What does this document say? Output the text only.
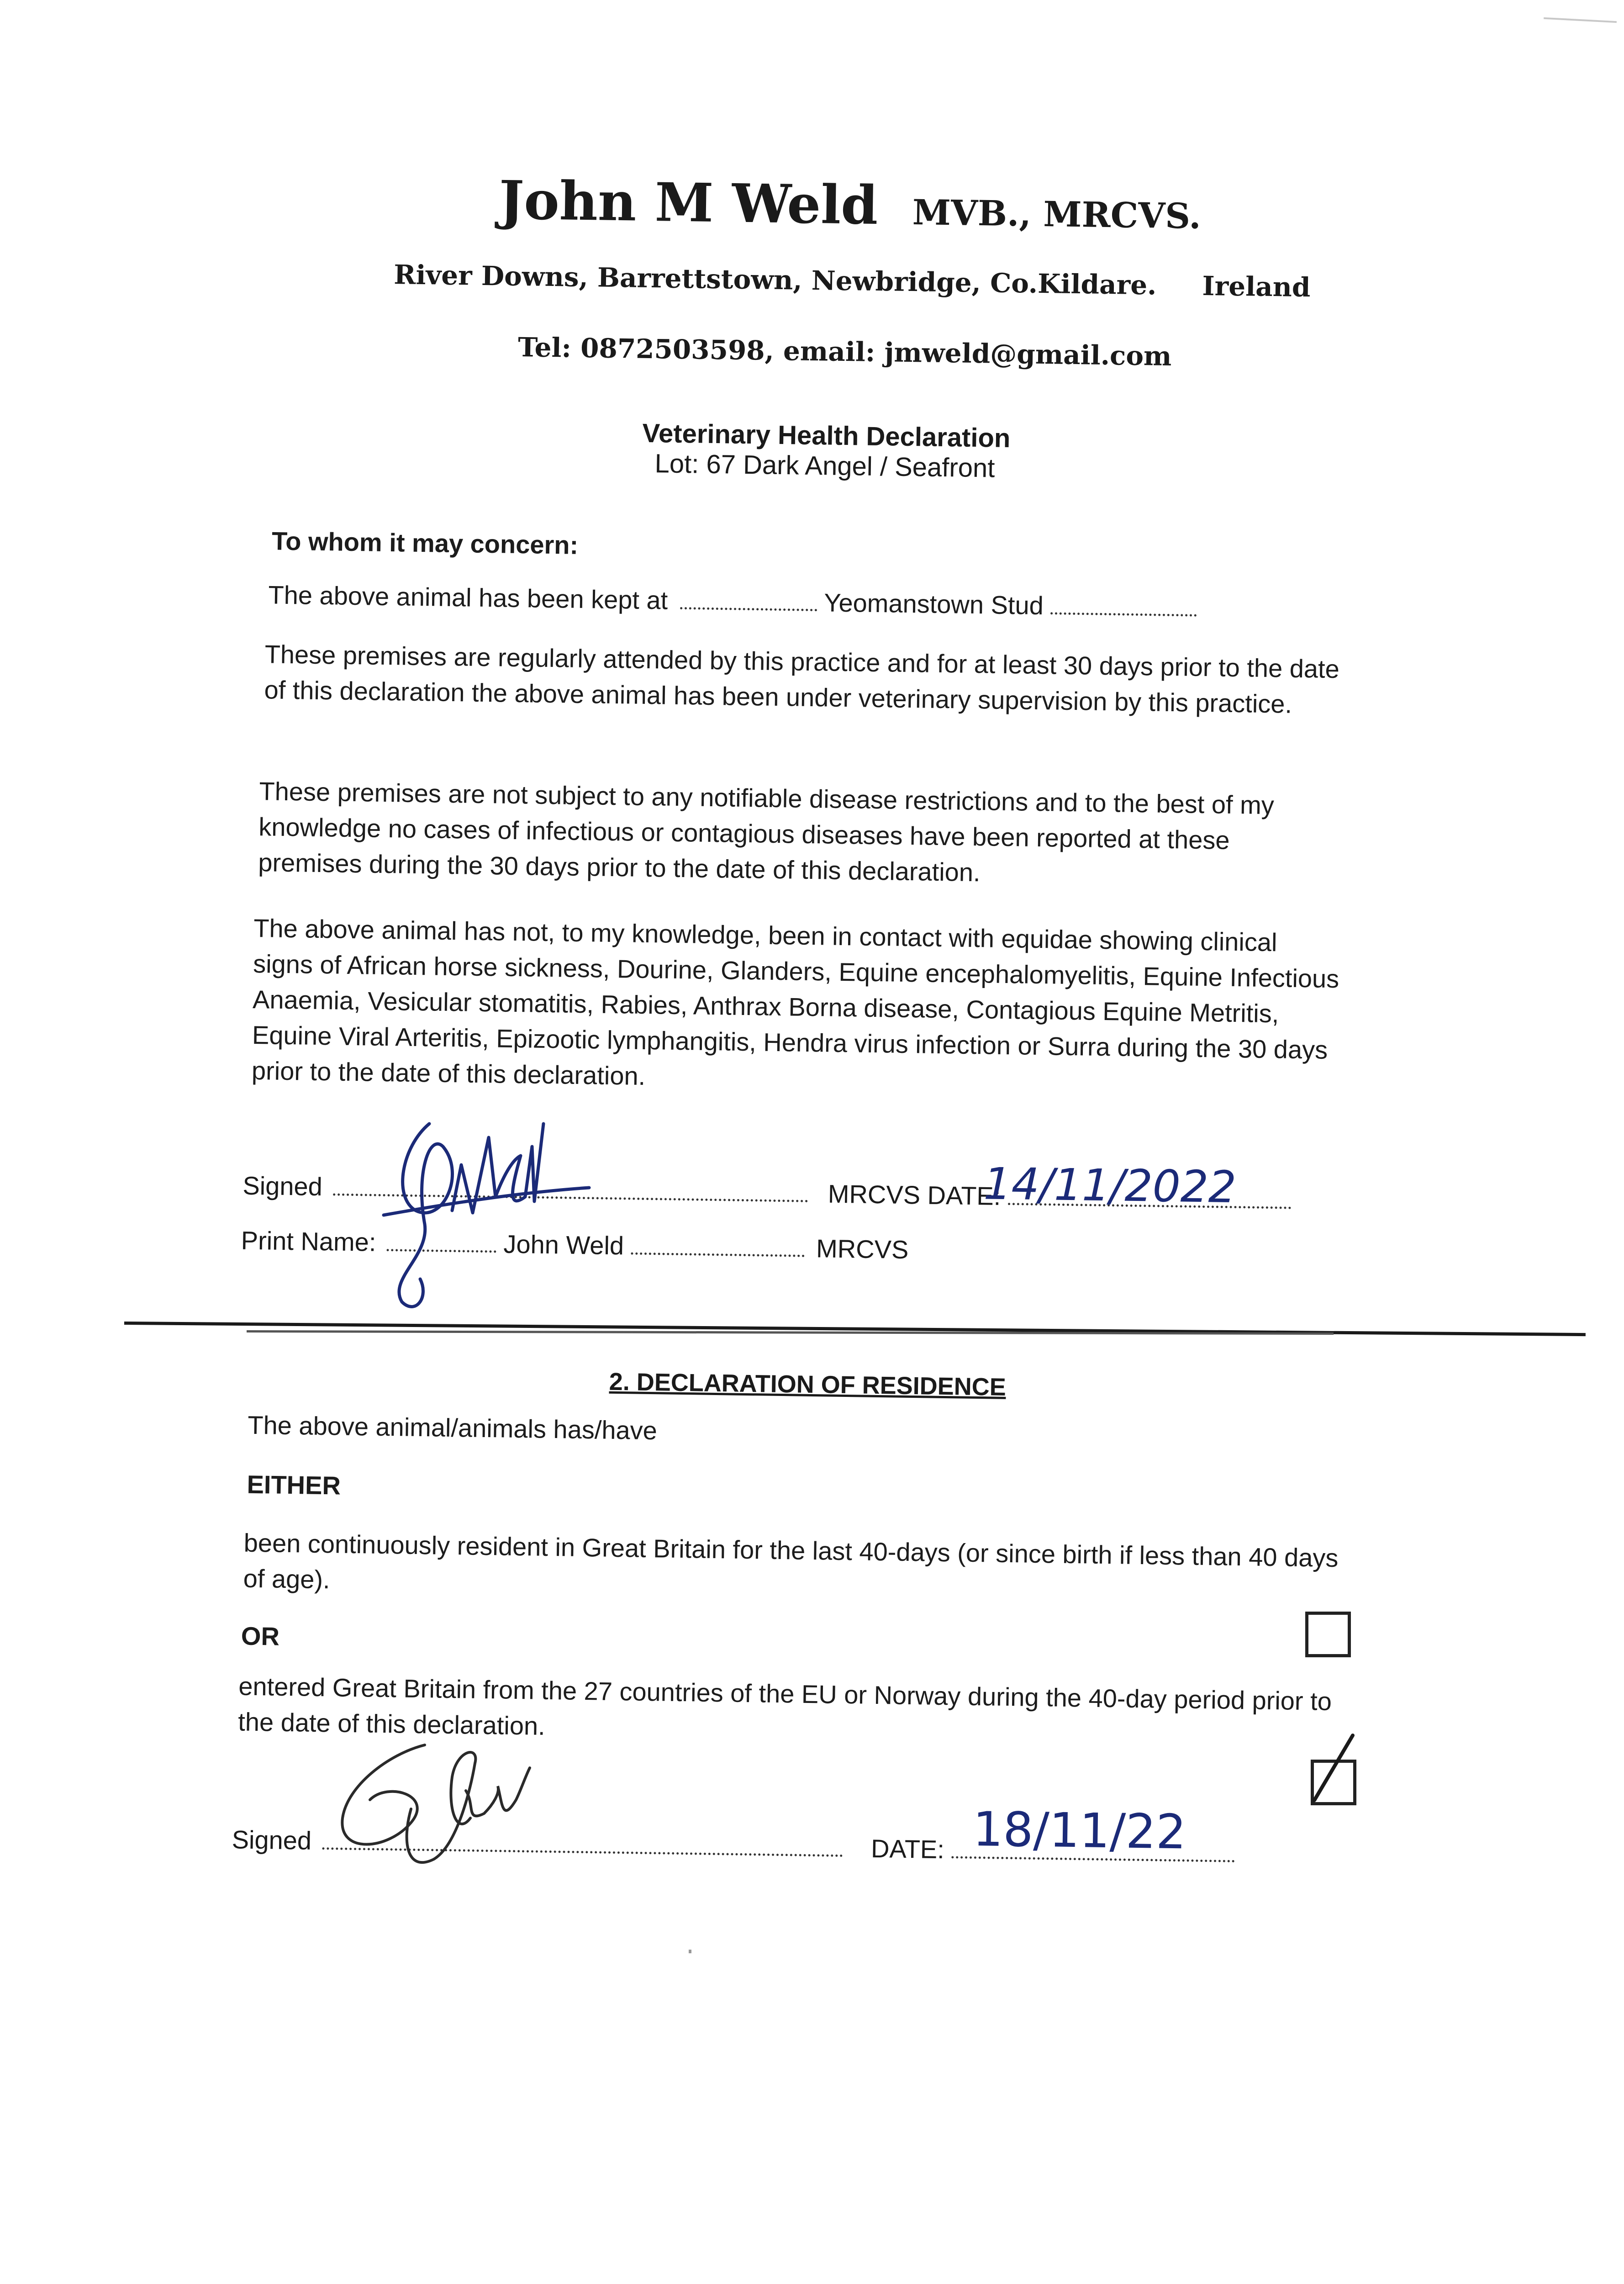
John M Weld MVB., MRCVS.
River Downs, Barrettstown, Newbridge, Co.Kildare. Ireland
Tel: 0872503598, email: jmweld@gmail.com
Veterinary Health Declaration
Lot: 67 Dark Angel / Seafront
To whom it may concern:
The above animal has been kept at	Yeomanstown Stud
These premises are regularly attended by this practice and for at least 30 days prior to the date of this declaration the above animal has been under veterinary supervision by this practice.
These premises are not subject to any notifiable disease restrictions and to the best of my knowledge no cases of infectious or contagious diseases have been reported at these premises during the 30 days prior to the date of this declaration.
The above animal has not, to my knowledge, been in contact with equidae showing clinical signs of African horse sickness, Dourine, Glanders, Equine encephalomyelitis, Equine Infectious Anaemia, Vesicular stomatitis, Rabies, Anthrax Borna disease, Contagious Equine Metritis, Equine Viral Arteritis, Epizootic lymphangitis, Hendra virus infection or Surra during the 30 days prior to the date of this declaration.
Signed	MRCVS DATE:
14/11/2022
Print Name:	John Weld	MRCVS
2. DECLARATION OF RESIDENCE
The above animal/animals has/have
EITHER
been continuously resident in Great Britain for the last 40-days (or since birth if less than 40 days of age).
OR
entered Great Britain from the 27 countries of the EU or Norway during the 40-day period prior to the date of this declaration.
Signed	DATE: 18/11/22
